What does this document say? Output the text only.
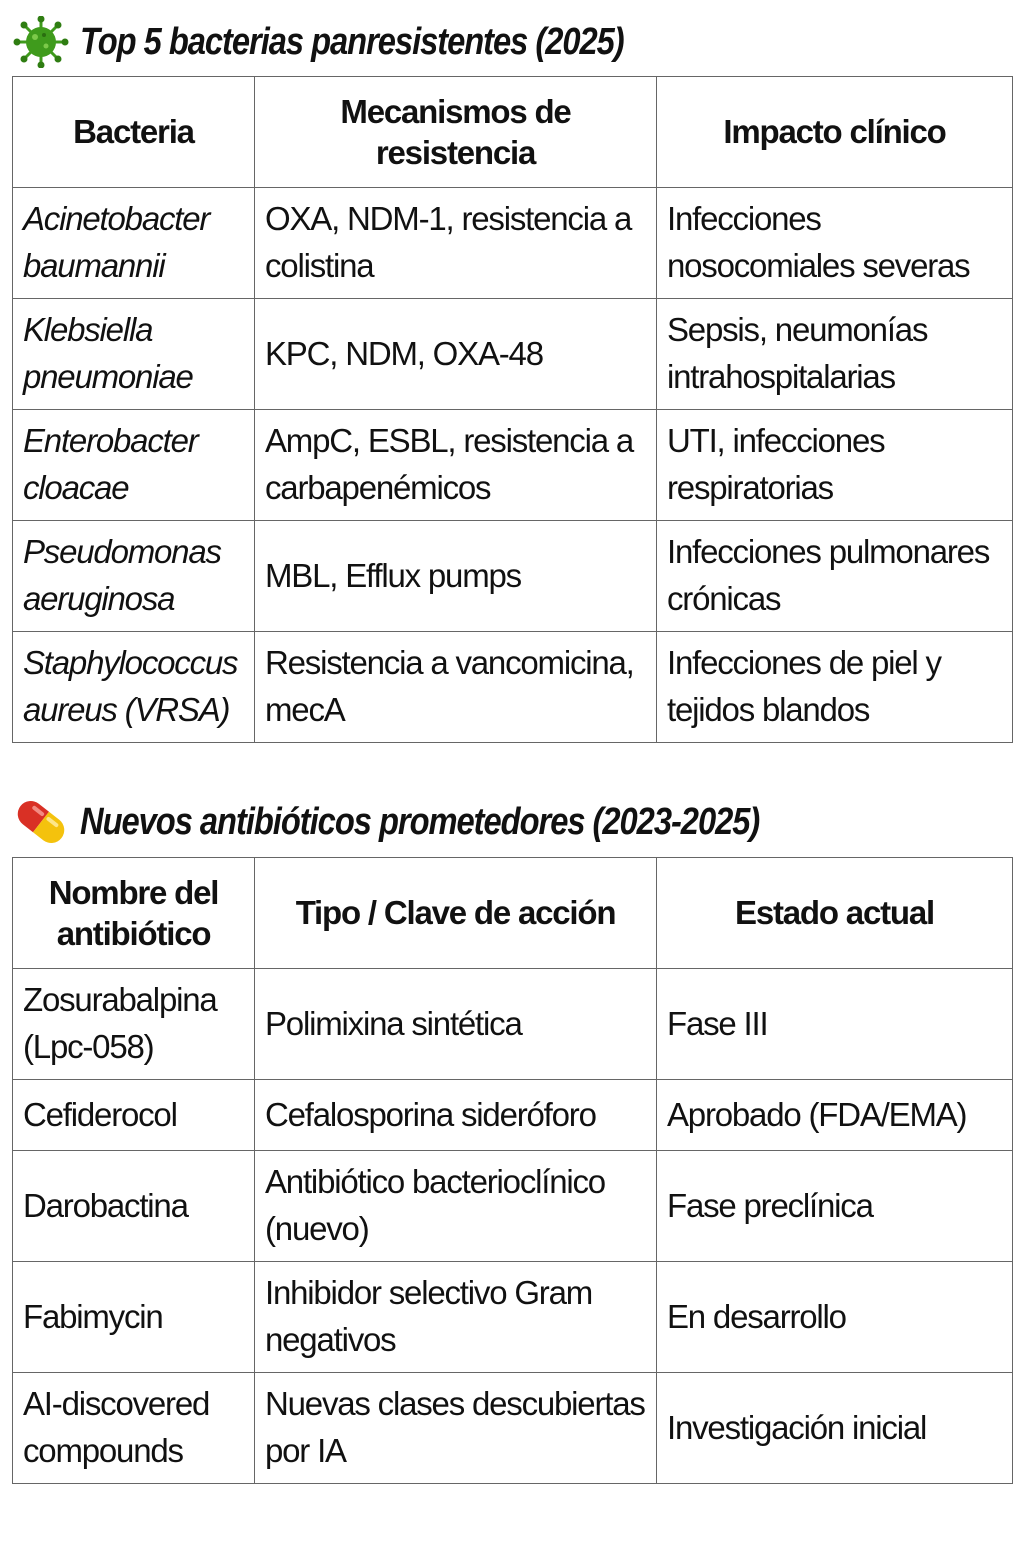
Top 5 bacterias panresistentes (2025)
Bacteria	Mecanismos de resistencia	Impacto clínico
Acinetobacter baumannii	OXA, NDM-1, resistencia a colistina	Infecciones nosocomiales severas
Klebsiella pneumoniae	KPC, NDM, OXA-48	Sepsis, neumonías intrahospitalarias
Enterobacter cloacae	AmpC, ESBL, resistencia a carbapenémicos	UTI, infecciones respiratorias
Pseudomonas aeruginosa	MBL, Efflux pumps	Infecciones pulmonares crónicas
Staphylococcus aureus (VRSA)	Resistencia a vancomicina, mecA	Infecciones de piel y tejidos blandos
Nuevos antibióticos prometedores (2023-2025)
Nombre del antibiótico	Tipo / Clave de acción	Estado actual
Zosurabalpina (Lpc-058)	Polimixina sintética	Fase III
Cefiderocol	Cefalosporina sideróforo	Aprobado (FDA/EMA)
Darobactina	Antibiótico bacterioclínico (nuevo)	Fase preclínica
Fabimycin	Inhibidor selectivo Gram negativos	En desarrollo
AI-discovered compounds	Nuevas clases descubiertas por IA	Investigación inicial
